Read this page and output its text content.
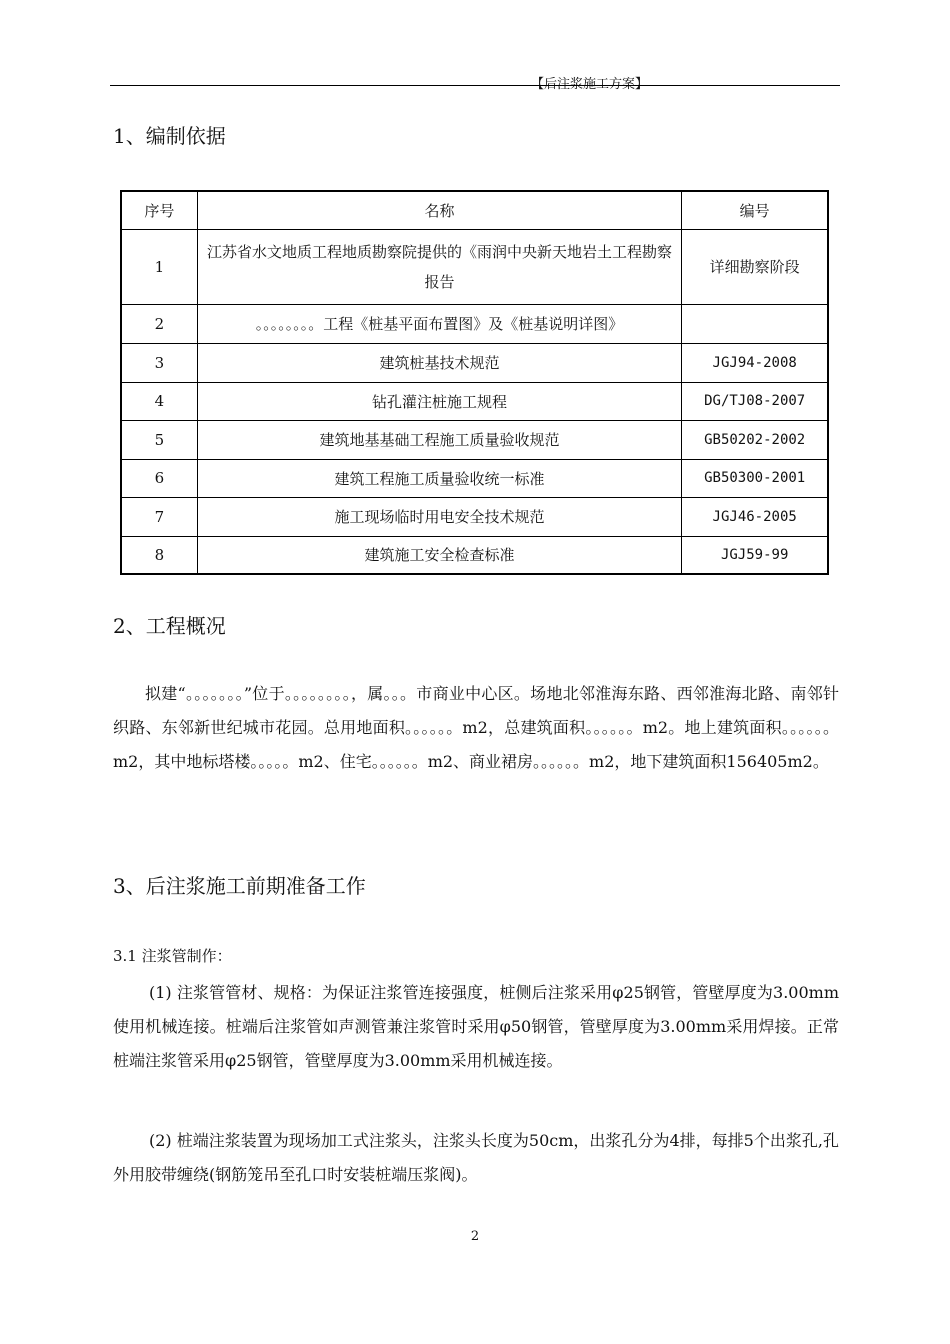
【后注浆施工方案】
1、编制依据
序号	名称	编号
1	江苏省水文地质工程地质勘察院提供的《雨润中央新天地岩土工程勘察报告	详细勘察阶段
2	。。。。。。。。工程《桩基平面布置图》及《桩基说明详图》	
3	建筑桩基技术规范	JGJ94-2008
4	钻孔灌注桩施工规程	DG/TJ08-2007
5	建筑地基基础工程施工质量验收规范	GB50202-2002
6	建筑工程施工质量验收统一标准	GB50300-2001
7	施工现场临时用电安全技术规范	JGJ46-2005
8	建筑施工安全检查标准	JGJ59-99
2、工程概况
拟建“。。。。。。。”位于。。。。。。。。，属。。。市商业中心区。场地北邻淮海东路、西邻淮海北路、南邻针织路、东邻新世纪城市花园。总用地面积。。。。。。m2，总建筑面积。。。。。。m2。地上建筑面积。。。。。。m2，其中地标塔楼。。。。。m2、住宅。。。。。。m2、商业裙房。。。。。。m2，地下建筑面积156405m2。
3、后注浆施工前期准备工作
3.1 注浆管制作：
(1) 注浆管管材、规格：为保证注浆管连接强度，桩侧后注浆采用φ25钢管，管壁厚度为3.00mm使用机械连接。桩端后注浆管如声测管兼注浆管时采用φ50钢管，管壁厚度为3.00mm采用焊接。正常桩端注浆管采用φ25钢管，管壁厚度为3.00mm采用机械连接。
(2) 桩端注浆装置为现场加工式注浆头，注浆头长度为50cm，出浆孔分为4排，每排5个出浆孔,孔外用胶带缠绕(钢筋笼吊至孔口时安装桩端压浆阀)。
2
